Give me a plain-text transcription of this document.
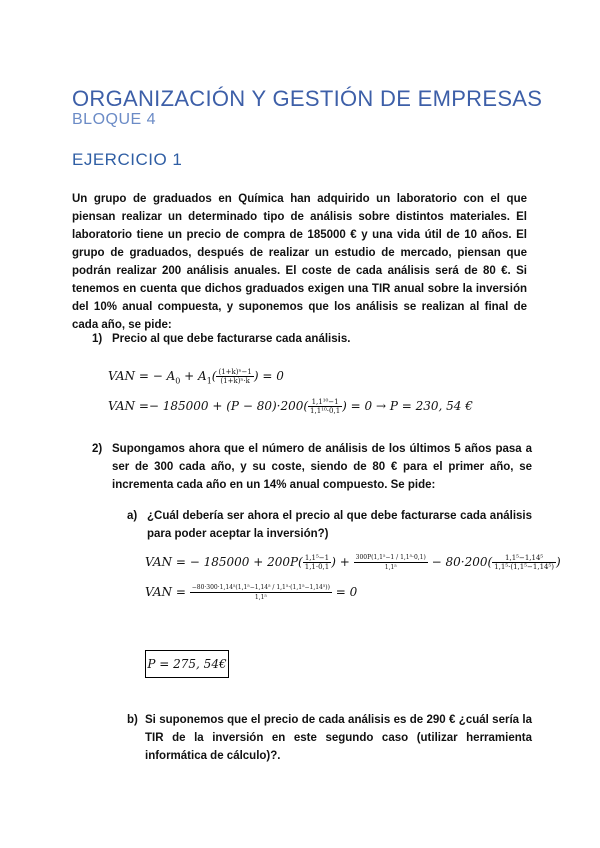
ORGANIZACIÓN Y GESTIÓN DE EMPRESAS
BLOQUE 4
EJERCICIO 1
Un grupo de graduados en Química han adquirido un laboratorio con el que piensan realizar un determinado tipo de análisis sobre distintos materiales. El laboratorio tiene un precio de compra de 185000 € y una vida útil de 10 años. El grupo de graduados, después de realizar un estudio de mercado, piensan que podrán realizar 200 análisis anuales. El coste de cada análisis será de 80 €. Si tenemos en cuenta que dichos graduados exigen una TIR anual sobre la inversión del 10% anual compuesta, y suponemos que los análisis se realizan al final de cada año, se pide:
1) Precio al que debe facturarse cada análisis.
VAN = − $A_0 + A_1( \frac{\text{(1+k)ⁿ−1}}{\text{(1+k)ⁿ·k}}$ ) = 0
VAN =− $185000 + (P - 80)\cdot 200( \frac{\text{1,1¹⁰−1}}{\text{1,1¹⁰·0,1}}$ ) = 0 → P = 230, 54 €
2) Supongamos ahora que el número de análisis de los últimos 5 años pasa a ser de 300 cada año, y su coste, siendo de 80 € para el primer año, se incrementa cada año en un 14% anual compuesto. Se pide:
a) ¿Cuál debería ser ahora el precio al que debe facturarse cada análisis para poder aceptar la inversión?)
VAN = − $185000 + 200P( \frac{\text{1,1⁵−1}}{1,1\cdot 0,1}$ ) + $\frac{\text{300P(1,1⁵−1 / 1,1⁵·0,1)}}{\text{1,1⁵}} - 80\cdot 200( \frac{\text{1,1⁵−1,14⁵}}{\text{1,1⁵·(1,1⁵−1,14⁵)}}$ )
VAN = $\frac{\text{−80·300·1,14⁵(1,1⁵−1,14⁵ / 1,1⁵·(1,1⁵−1,14⁵))}}{\text{1,1⁵}} = 0$
P = 275, 54€
b) Si suponemos que el precio de cada análisis es de 290 € ¿cuál sería la TIR de la inversión en este segundo caso (utilizar herramienta informática de cálculo)?.
